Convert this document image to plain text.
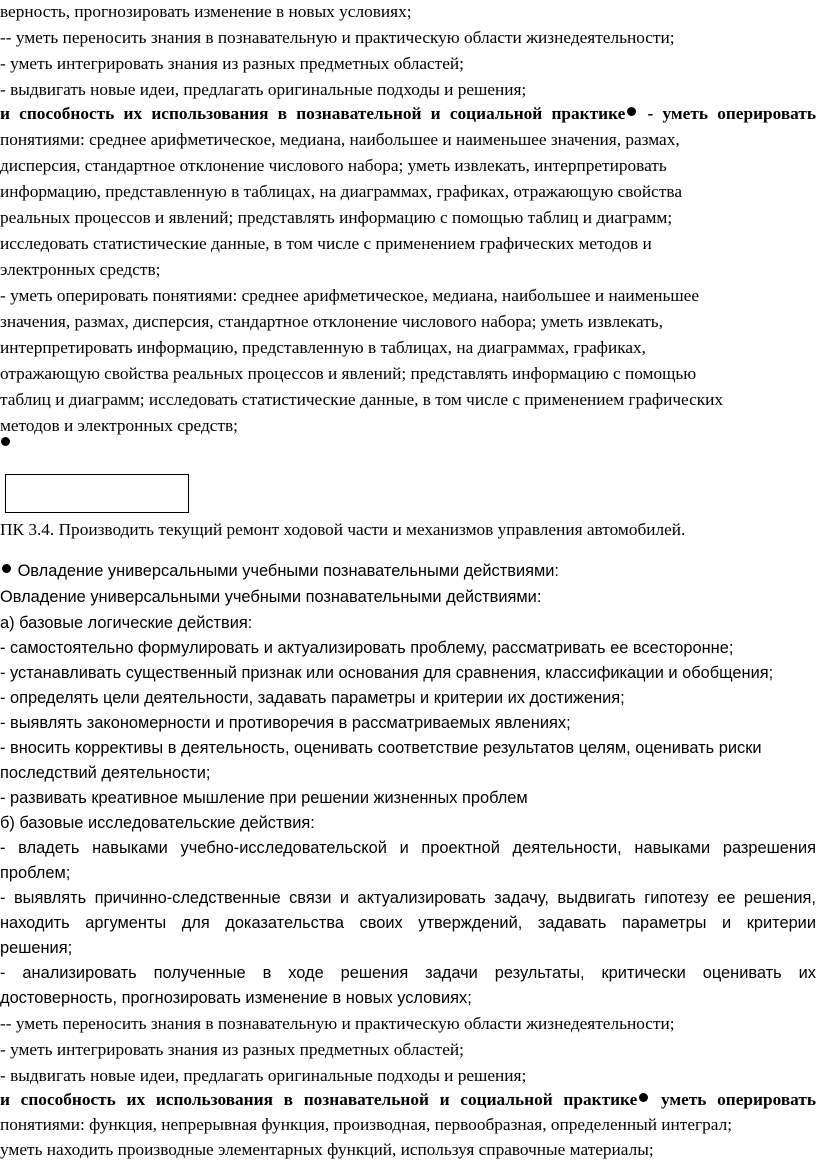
верность, прогнозировать изменение в новых условиях;
-- уметь переносить знания в познавательную и практическую области жизнедеятельности;
- уметь интегрировать знания из разных предметных областей;
- выдвигать новые идеи, предлагать оригинальные подходы и решения;
и способность их использования в познавательной и социальной практике - уметь оперировать
понятиями: среднее арифметическое, медиана, наибольшее и наименьшее значения, размах,
дисперсия, стандартное отклонение числового набора; уметь извлекать, интерпретировать
информацию, представленную в таблицах, на диаграммах, графиках, отражающую свойства
реальных процессов и явлений; представлять информацию с помощью таблиц и диаграмм;
исследовать статистические данные, в том числе с применением графических методов и
электронных средств;
- уметь оперировать понятиями: среднее арифметическое, медиана, наибольшее и наименьшее
значения, размах, дисперсия, стандартное отклонение числового набора; уметь извлекать,
интерпретировать информацию, представленную в таблицах, на диаграммах, графиках,
отражающую свойства реальных процессов и явлений; представлять информацию с помощью
таблиц и диаграмм; исследовать статистические данные, в том числе с применением графических
методов и электронных средств;
ПК 3.4. Производить текущий ремонт ходовой части и механизмов управления автомобилей.
Овладение универсальными учебными познавательными действиями:
Овладение универсальными учебными познавательными действиями:
а) базовые логические действия:
- самостоятельно формулировать и актуализировать проблему, рассматривать ее всесторонне;
- устанавливать существенный признак или основания для сравнения, классификации и обобщения;
- определять цели деятельности, задавать параметры и критерии их достижения;
- выявлять закономерности и противоречия в рассматриваемых явлениях;
- вносить коррективы в деятельность, оценивать соответствие результатов целям, оценивать риски
последствий деятельности;
- развивать креативное мышление при решении жизненных проблем
б) базовые исследовательские действия:
- владеть навыками учебно-исследовательской и проектной деятельности, навыками разрешения
проблем;
- выявлять причинно-следственные связи и актуализировать задачу, выдвигать гипотезу ее решения,
находить аргументы для доказательства своих утверждений, задавать параметры и критерии
решения;
- анализировать полученные в ходе решения задачи результаты, критически оценивать их
достоверность, прогнозировать изменение в новых условиях;
-- уметь переносить знания в познавательную и практическую области жизнедеятельности;
- уметь интегрировать знания из разных предметных областей;
- выдвигать новые идеи, предлагать оригинальные подходы и решения;
и способность их использования в познавательной и социальной практике уметь оперировать
понятиями: функция, непрерывная функция, производная, первообразная, определенный интеграл;
уметь находить производные элементарных функций, используя справочные материалы;
